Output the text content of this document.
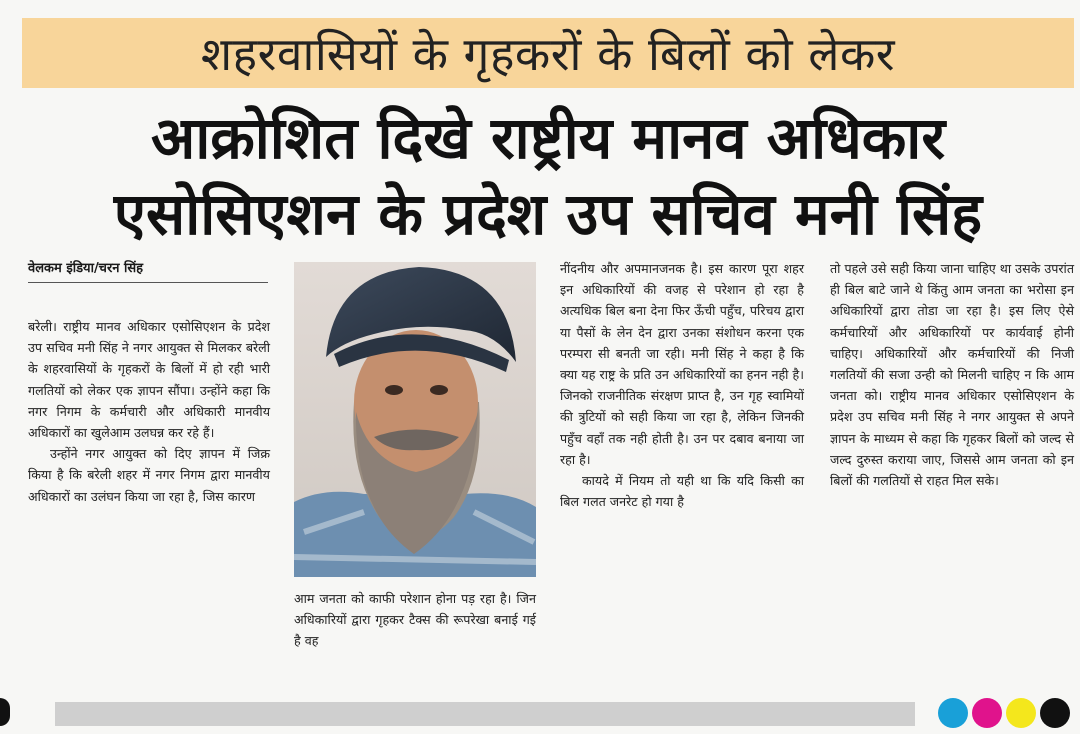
शहरवासियों के गृहकरों के बिलों को लेकर
आक्रोशित दिखे राष्ट्रीय मानव अधिकार
एसोसिएशन के प्रदेश उप सचिव मनी सिंह
वेलकम इंडिया/चरन सिंह

बरेली। राष्ट्रीय मानव अधिकार एसोसिएशन के प्रदेश उप सचिव मनी सिंह ने नगर आयुक्त से मिलकर बरेली के शहरवासियों के गृहकरों के बिलों में हो रही भारी गलतियों को लेकर एक ज्ञापन सौंपा। उन्होंने कहा कि नगर निगम के कर्मचारी और अधिकारी मानवीय अधिकारों का खुलेआम उलघन्न कर रहे हैं।

उन्होंने नगर आयुक्त को दिए ज्ञापन में जिक्र किया है कि बरेली शहर में नगर निगम द्वारा मानवीय अधिकारों का उलंघन किया जा रहा है, जिस कारण

आम जनता को काफी परेशान होना पड़ रहा है। जिन अधिकारियों द्वारा गृहकर टैक्स की रूपरेखा बनाई गई है वह

नींदनीय और अपमानजनक है। इस कारण पूरा शहर इन अधिकारियों की वजह से परेशान हो रहा है अत्यधिक बिल बना देना फिर ऊँची पहुँच, परिचय द्वारा या पैसों के लेन देन द्वारा उनका संशोधन करना एक परम्परा सी बनती जा रही। मनी सिंह ने कहा है कि क्या यह राष्ट्र के प्रति उन अधिकारियों का हनन नही है। जिनको राजनीतिक संरक्षण प्राप्त है, उन गृह स्वामियों की त्रुटियों को सही किया जा रहा है, लेकिन जिनकी पहुँच वहाँ तक नही होती है। उन पर दबाव बनाया जा रहा है।

कायदे में नियम तो यही था कि यदि किसी का बिल गलत जनरेट हो गया है

तो पहले उसे सही किया जाना चाहिए था उसके उपरांत ही बिल बाटे जाने थे किंतु आम जनता का भरोसा इन अधिकारियों द्वारा तोडा जा रहा है। इस लिए ऐसे कर्मचारियों और अधिकारियों पर कार्यवाई होनी चाहिए। अधिकारियों और कर्मचारियों की निजी गलतियों की सजा उन्ही को मिलनी चाहिए न कि आम जनता को। राष्ट्रीय मानव अधिकार एसोसिएशन के प्रदेश उप सचिव मनी सिंह ने नगर आयुक्त से अपने ज्ञापन के माध्यम से कहा कि गृहकर बिलों को जल्द से जल्द दुरुस्त कराया जाए, जिससे आम जनता को इन बिलों की गलतियों से राहत मिल सके।
